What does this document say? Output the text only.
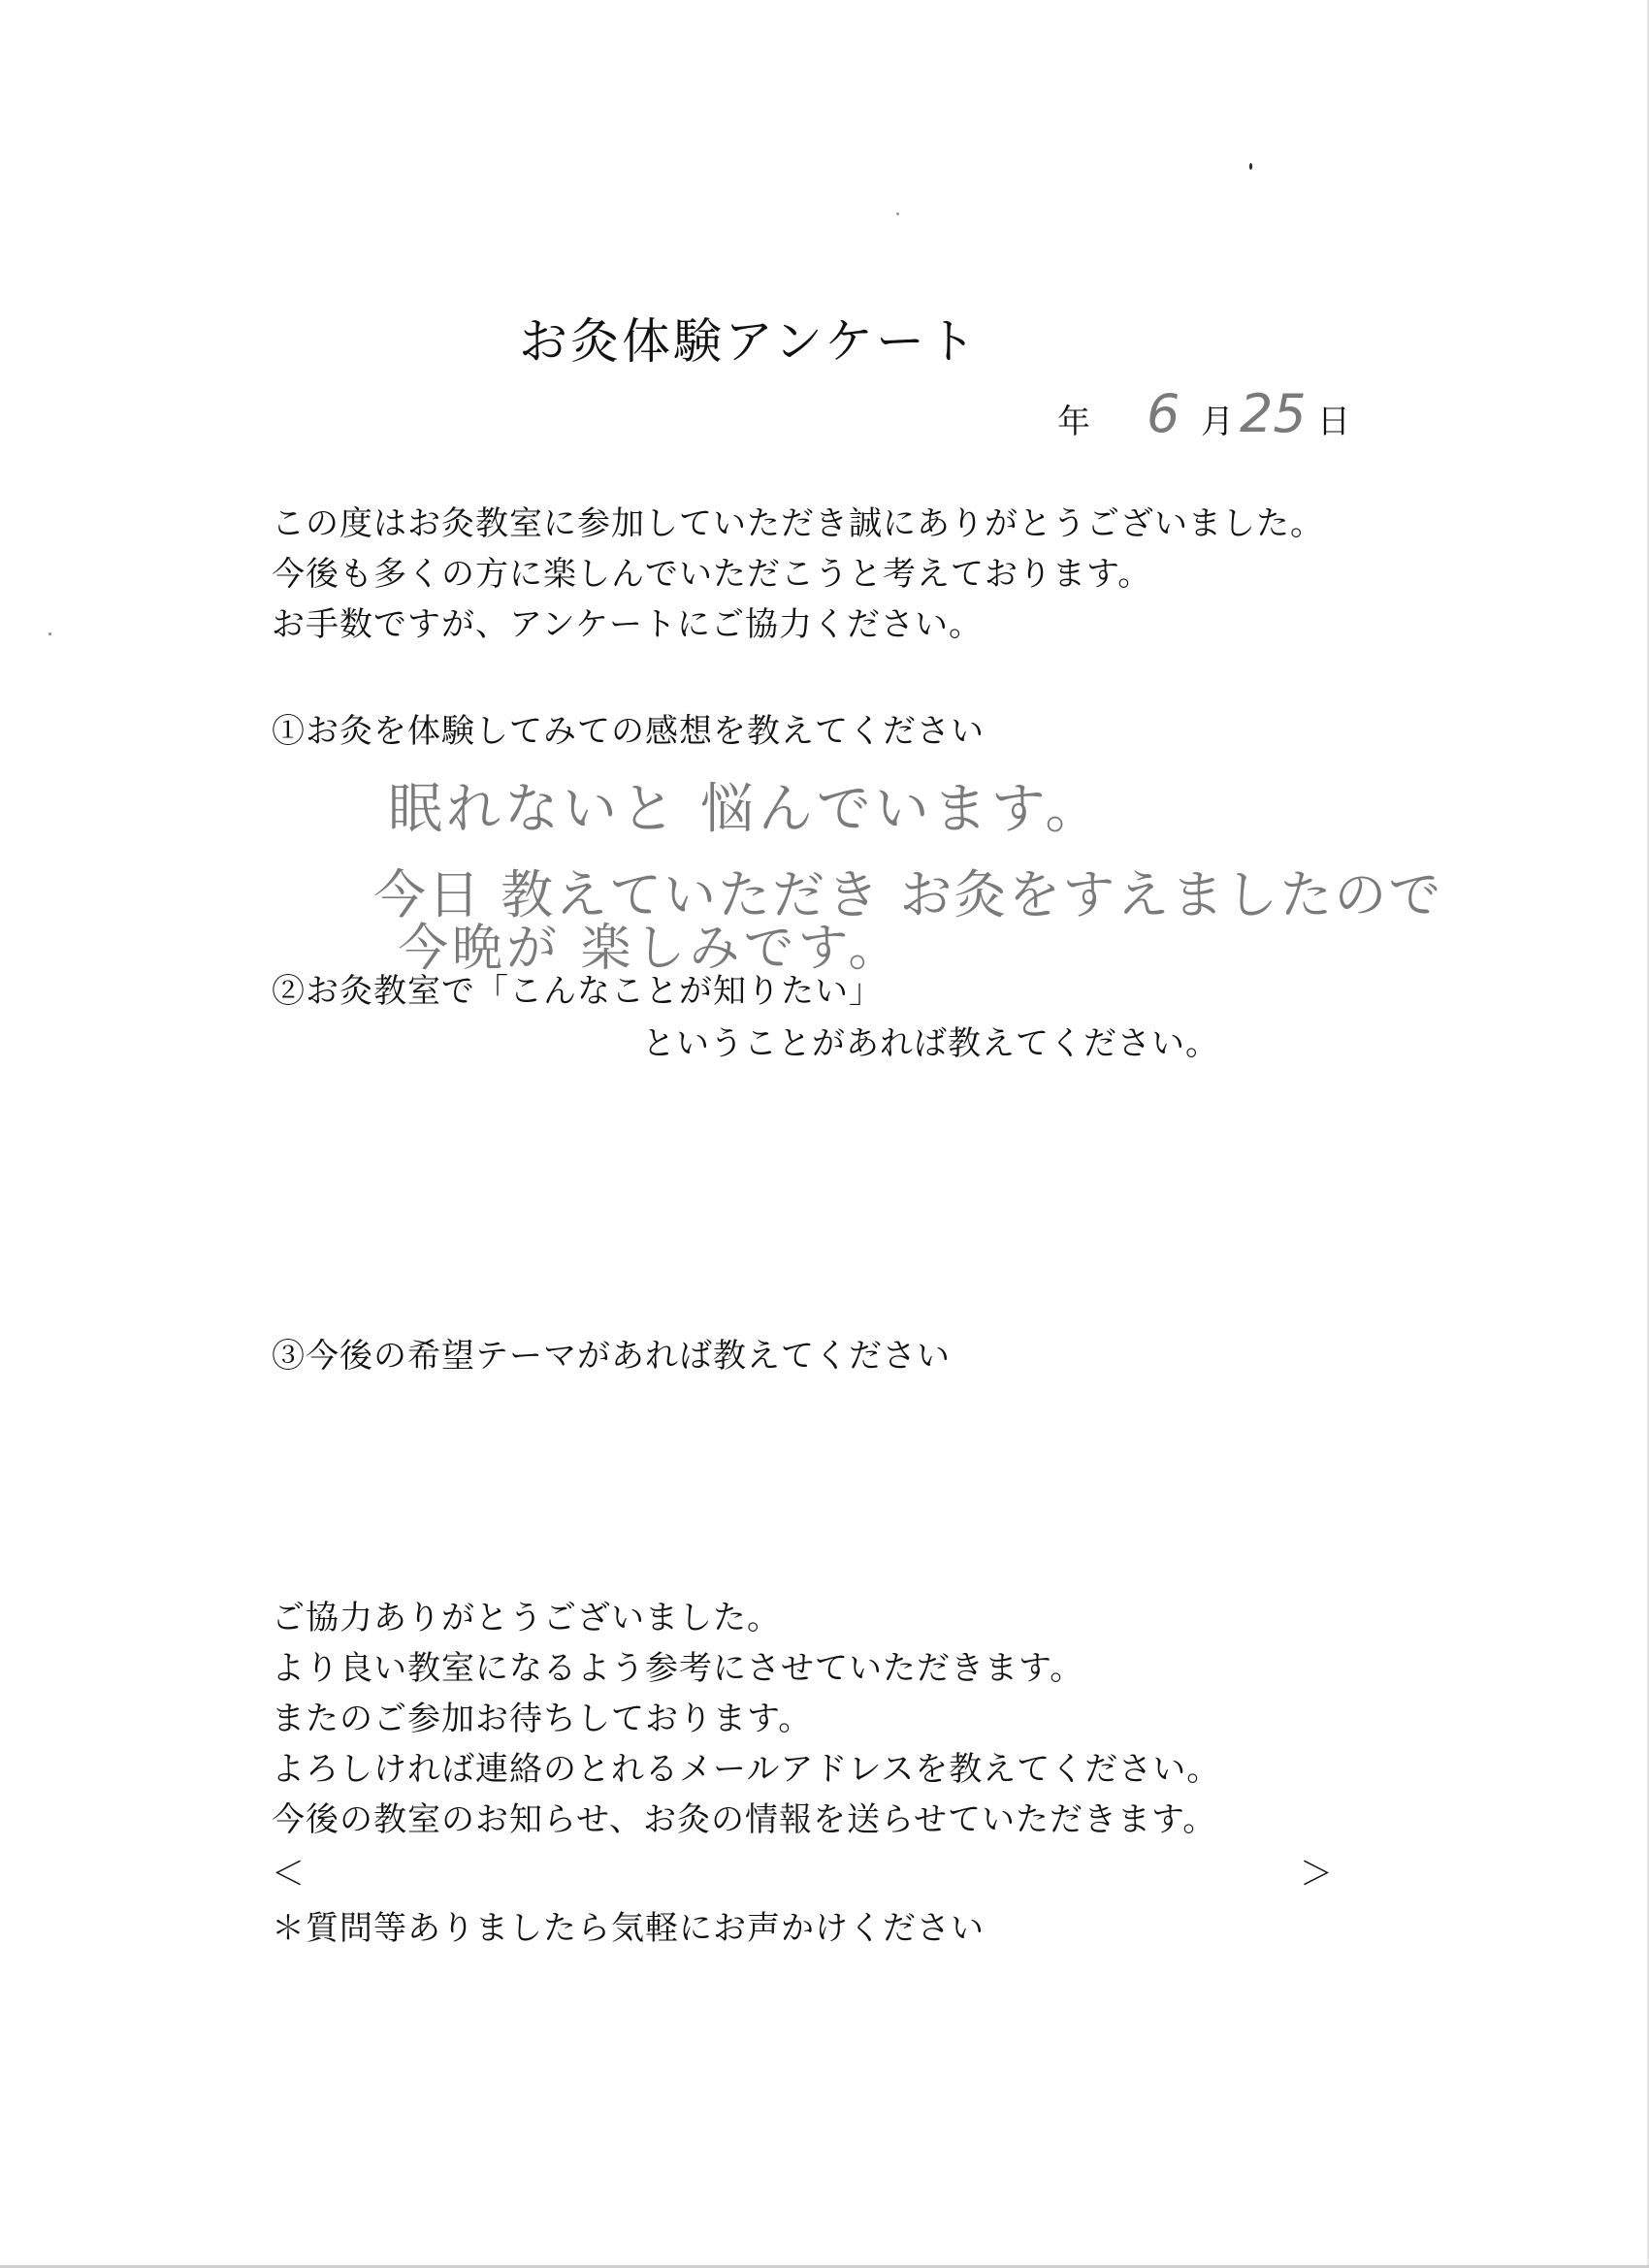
お灸体験アンケート
年 6 月 25 日
この度はお灸教室に参加していただき誠にありがとうございました。
今後も多くの方に楽しんでいただこうと考えております。
お手数ですが、アンケートにご協力ください。
①お灸を体験してみての感想を教えてください
眠れないと 悩んでいます。
今日 教えていただき お灸をすえましたので
今晩が 楽しみです。
②お灸教室で「こんなことが知りたい」
ということがあれば教えてください。
③今後の希望テーマがあれば教えてください
ご協力ありがとうございました。
より良い教室になるよう参考にさせていただきます。
またのご参加お待ちしております。
よろしければ連絡のとれるメールアドレスを教えてください。
今後の教室のお知らせ、お灸の情報を送らせていただきます。
＜	＞
＊質問等ありましたら気軽にお声かけください
